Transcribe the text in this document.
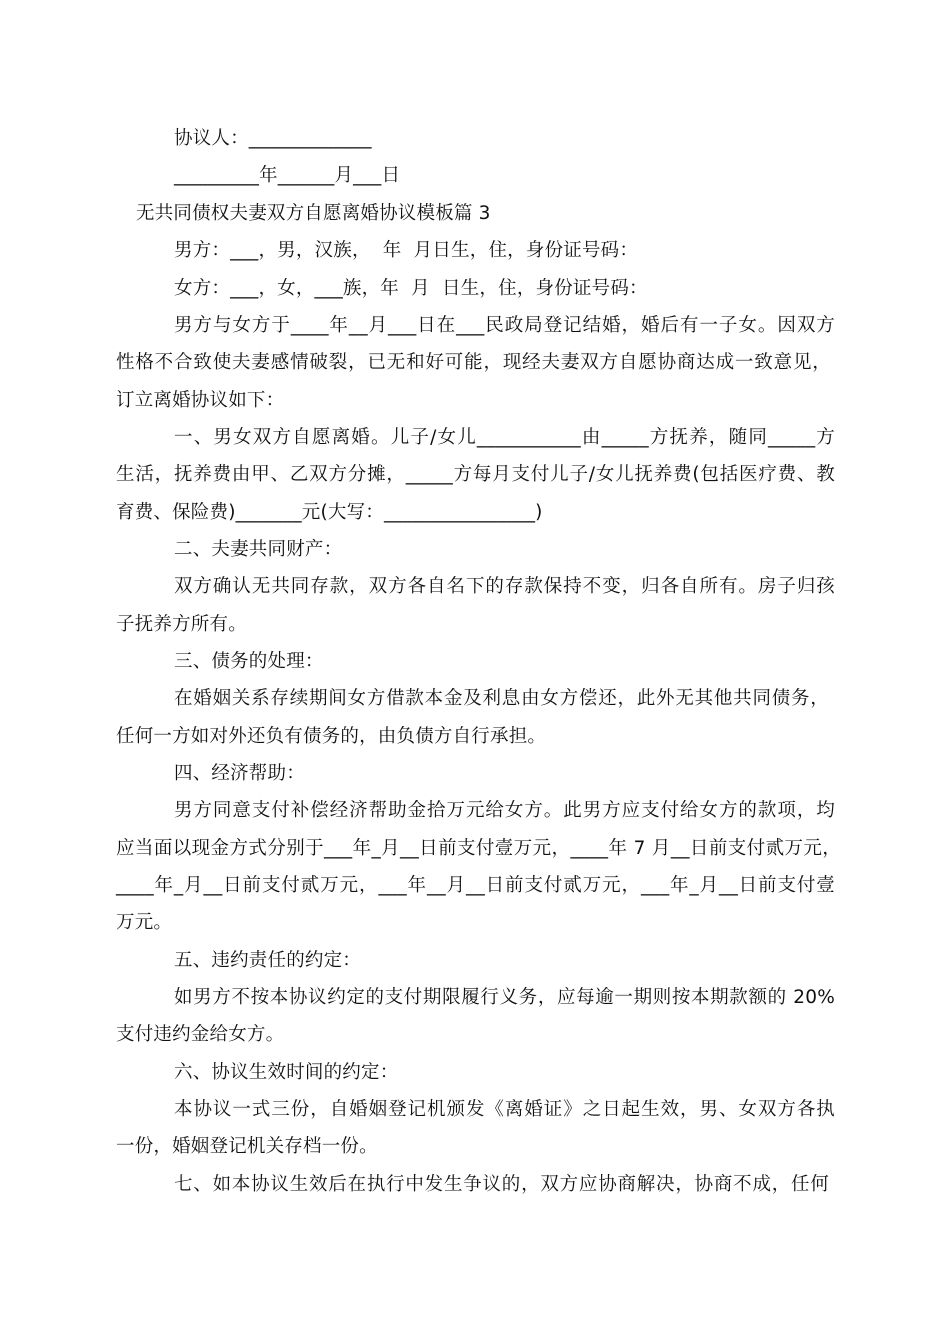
协议人：_____________
_________年______月___日
无共同债权夫妻双方自愿离婚协议模板篇 3
男方：___，男，汉族，  年  月日生，住，身份证号码：
女方：___，女，___族，年  月  日生，住，身份证号码：
男方与女方于____年__月___日在___民政局登记结婚，婚后有一子女。因双方
性格不合致使夫妻感情破裂，已无和好可能，现经夫妻双方自愿协商达成一致意见，
订立离婚协议如下：
一、男女双方自愿离婚。儿子/女儿___________由_____方抚养，随同_____方
生活，抚养费由甲、乙双方分摊，_____方每月支付儿子/女儿抚养费(包括医疗费、教
育费、保险费)_______元(大写：________________)
二、夫妻共同财产：
双方确认无共同存款，双方各自名下的存款保持不变，归各自所有。房子归孩
子抚养方所有。
三、债务的处理：
在婚姻关系存续期间女方借款本金及利息由女方偿还，此外无其他共同债务，
任何一方如对外还负有债务的，由负债方自行承担。
四、经济帮助：
男方同意支付补偿经济帮助金拾万元给女方。此男方应支付给女方的款项，均
应当面以现金方式分别于___年_月__日前支付壹万元，____年 7 月__日前支付贰万元，
____年_月__日前支付贰万元，___年__月__日前支付贰万元，___年_月__日前支付壹
万元。
五、违约责任的约定：
如男方不按本协议约定的支付期限履行义务，应每逾一期则按本期款额的 20%
支付违约金给女方。
六、协议生效时间的约定：
本协议一式三份，自婚姻登记机颁发《离婚证》之日起生效，男、女双方各执
一份，婚姻登记机关存档一份。
七、如本协议生效后在执行中发生争议的，双方应协商解决，协商不成，任何
